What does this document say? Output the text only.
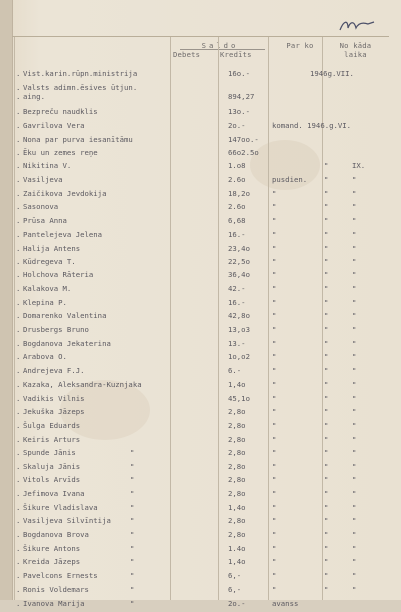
Saldo
Debets	Kredīts
Par ko	No kāda
laika
. Vist.karin.rūpn.ministrija	16o.-	1946g.VII.
. Valsts adimn.ēsives ūtjun.
. aing.	894,27
. Bezpreču naudklis	13o.-
. Gavrilova Vera	2o.-	komand. 1946.g.VI.
. Nona par purva iesanītāmu	147oo.-
. Ēku un zemes reņe	66o2.5o
. Nikitina V.	1.o8	"	IX.
. Vasiljeva	2.6o	pusdien. "	"
. Zaičikova Jevdokija	18,2o	"	"	"
. Sasonova	2.6o	"	"	"
. Prūsa Anna	6,68	"	"	"
. Pantelejeva Jelena	16.-	"	"	"
. Halija Antens	23,4o	"	"	"
. Kūdregeva T.	22,5o	"	"	"
. Holchova Rāteria	36,4o	"	"	"
. Kalakova M.	42.-	"	"	"
. Klepina P.	16.-	"	"	"
. Domarenko Valentina	42,8o	"	"	"
. Drusbergs Bruno	13,o3	"	"	"
. Bogdanova Jekaterina	13.-	"	"	"
. Arabova O.	1o,o2	"	"	"
. Andrejeva F.J.	6.-	"	"	"
. Kazaka, Aleksandra-Kuznjaka	1,4o	"	"	"
. Vadikis Vilnis	45,1o	"	"	"
. Jekuška Jāzeps	2,8o	"	"	"
. Šulga Eduards	2,8o	"	"	"
. Keiris Arturs	2,8o	"	"	"
. Spunde Jānis	"	2,8o	"	"	"
. Skaluja Jānis	"	2,8o	"	"	"
. Vitols Arvīds	"	2,8o	"	"	"
. Jefimova Ivana	"	2,8o	"	"	"
. Šikure Vladislava	"	1,4o	"	"	"
. Vasiljeva Silvīntija	"	2,8o	"	"	"
. Bogdanova Brova	"	2,8o	"	"	"
. Šikure Antons	"	1.4o	"	"	"
. Kreida Jāzeps	"	1,4o	"	"	"
. Pavelcons Ernests	"	6,-	"	"	"
. Ronis Voldemars	"	6,-	"	"	"
. Ivanova Marija	"	2o.-	avanss
